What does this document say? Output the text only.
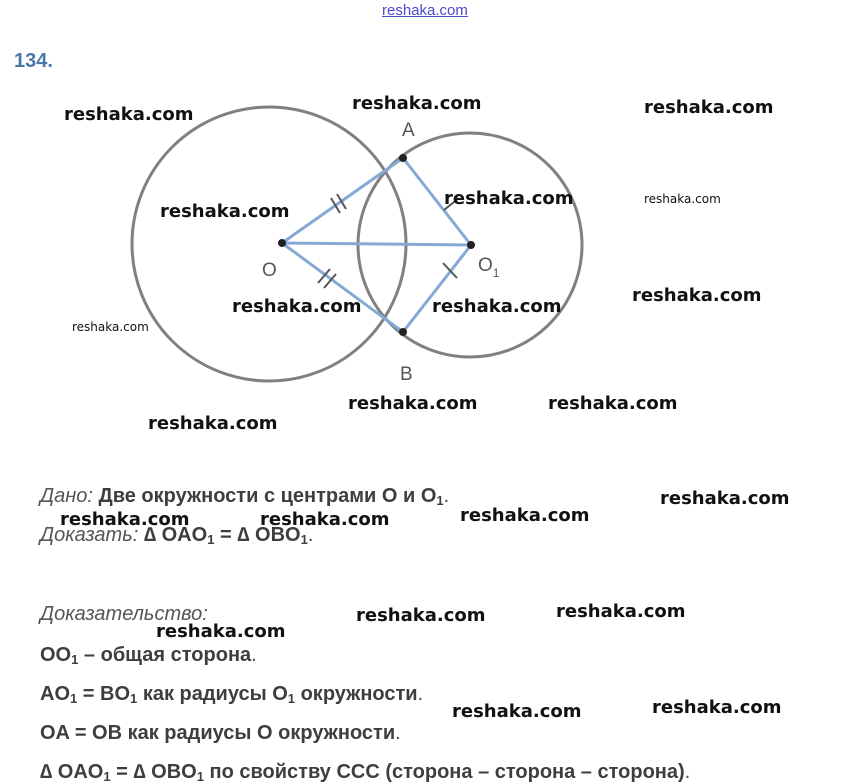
reshaka.com
134.
A
B
O	$O_1$
reshaka.com
reshaka.com	reshaka.com
reshaka.com
reshaka.com	reshaka.com
reshaka.com
reshaka.com	reshaka.com
reshaka.com
reshaka.com	reshaka.com
reshaka.com
reshaka.com
reshaka.com	reshaka.com	reshaka.com
reshaka.com	reshaka.com
reshaka.com
reshaka.com	reshaka.com
Дано: Две окружности с центрами O и $O_1$.
Доказать: ∆ $OAO_1$ = ∆ $OBO_1$.
Доказательство:
$OO_1$ – общая сторона.
$AO_1 = BO_1$ как радиусы $O_1$ окружности.
OA = OB как радиусы O окружности.
∆ $OAO_1$ = ∆ $OBO_1$ по свойству CCC (сторона – сторона – сторона).
